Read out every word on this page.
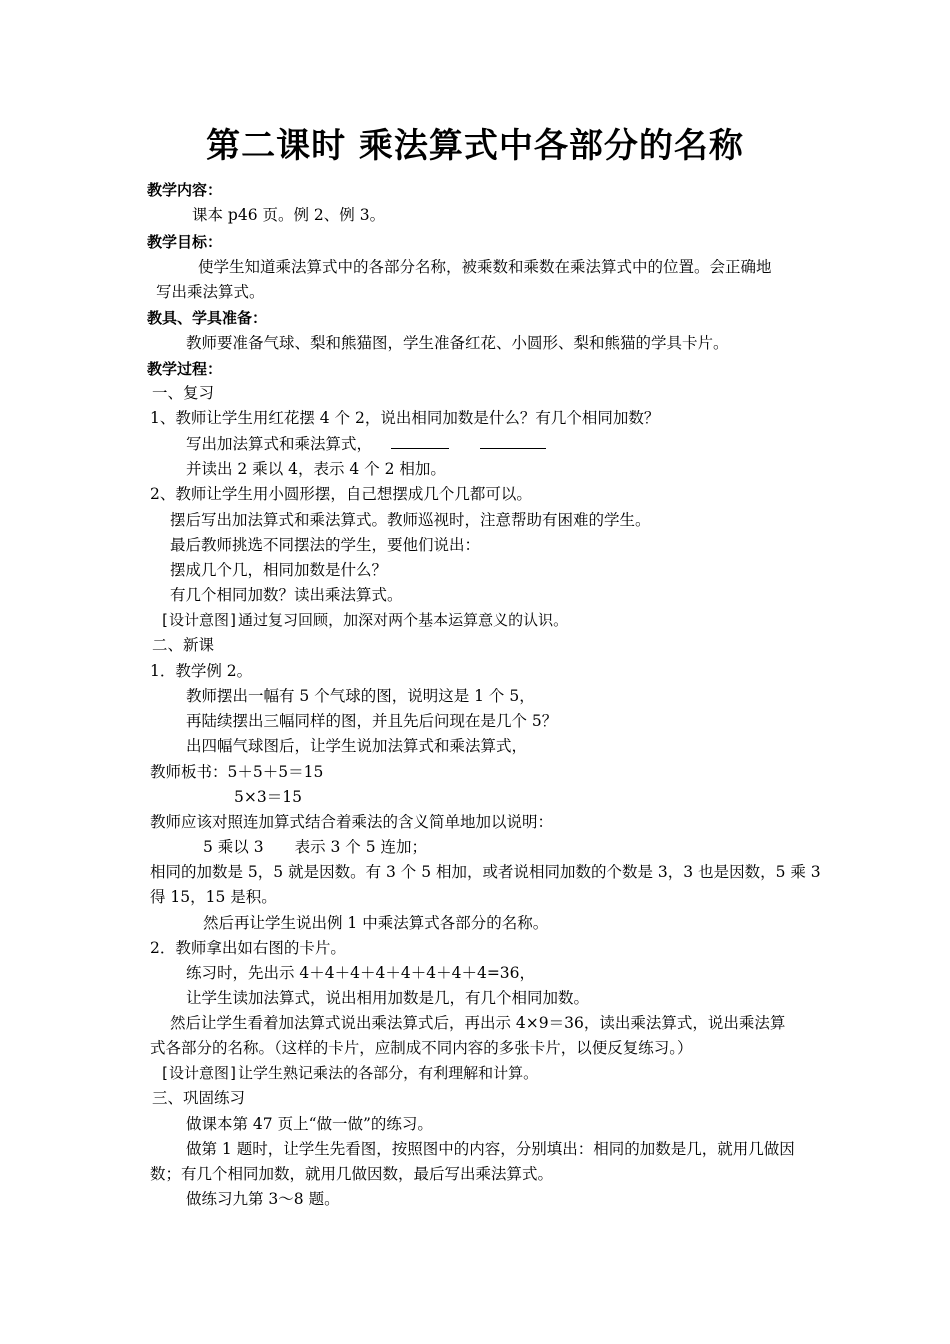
第二课时 乘法算式中各部分的名称
教学内容：
课本 p46 页。例 2、例 3。
教学目标：
使学生知道乘法算式中的各部分名称，被乘数和乘数在乘法算式中的位置。会正确地
写出乘法算式。
教具、学具准备：
教师要准备气球、梨和熊猫图，学生准备红花、小圆形、梨和熊猫的学具卡片。
教学过程：
一、复习
1、教师让学生用红花摆 4 个 2，说出相同加数是什么？有几个相同加数？
写出加法算式和乘法算式，
并读出 2 乘以 4，表示 4 个 2 相加。
2、教师让学生用小圆形摆，自己想摆成几个几都可以。
摆后写出加法算式和乘法算式。教师巡视时，注意帮助有困难的学生。
最后教师挑选不同摆法的学生，要他们说出：
摆成几个几，相同加数是什么？
有几个相同加数？读出乘法算式。
[设计意图]通过复习回顾，加深对两个基本运算意义的认识。
二、新课
1．教学例 2。
教师摆出一幅有 5 个气球的图，说明这是 1 个 5，
再陆续摆出三幅同样的图，并且先后问现在是几个 5？
出四幅气球图后，让学生说加法算式和乘法算式，
教师板书：5＋5＋5＝15
5×3＝15
教师应该对照连加算式结合着乘法的含义简单地加以说明：
5 乘以 3　　表示 3 个 5 连加；
相同的加数是 5，5 就是因数。有 3 个 5 相加，或者说相同加数的个数是 3，3 也是因数，5 乘 3
得 15，15 是积。
然后再让学生说出例 1 中乘法算式各部分的名称。
2．教师拿出如右图的卡片。
练习时，先出示 4＋4＋4＋4＋4＋4＋4＋4=36，
让学生读加法算式，说出相用加数是几，有几个相同加数。
然后让学生看着加法算式说出乘法算式后，再出示 4×9＝36，读出乘法算式，说出乘法算
式各部分的名称。（这样的卡片，应制成不同内容的多张卡片，以便反复练习。）
[设计意图]让学生熟记乘法的各部分，有利理解和计算。
三、巩固练习
做课本第 47 页上“做一做”的练习。
做第 1 题时，让学生先看图，按照图中的内容，分别填出：相同的加数是几，就用几做因
数；有几个相同加数，就用几做因数，最后写出乘法算式。
做练习九第 3～8 题。
